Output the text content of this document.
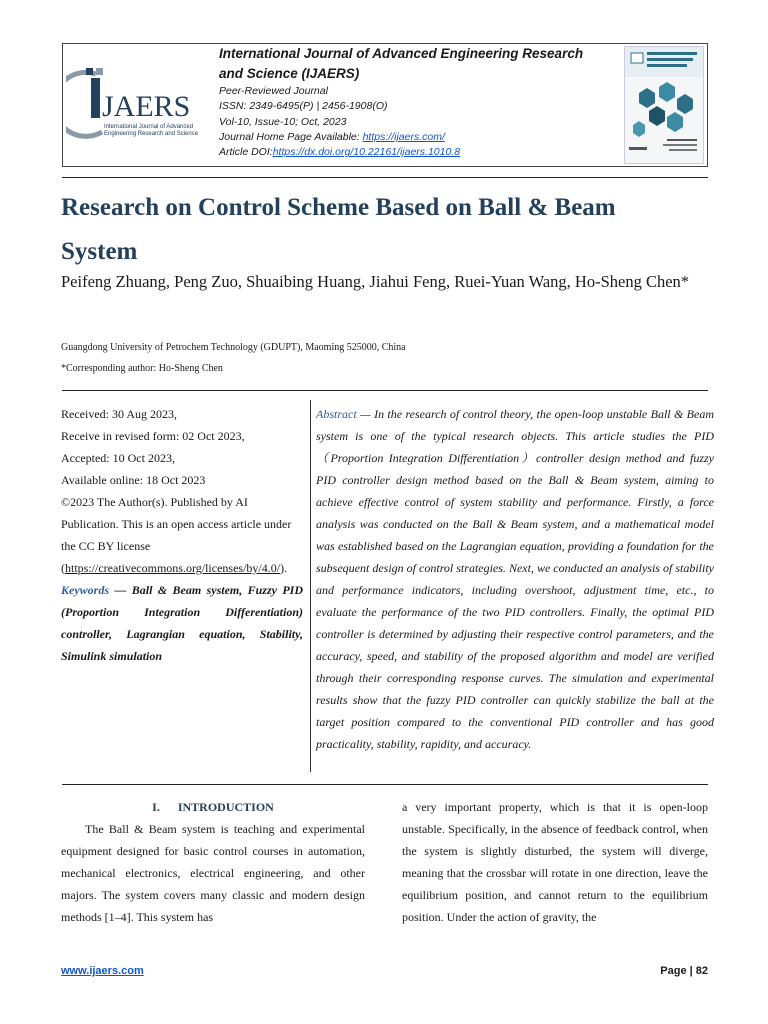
JAERS
International Journal of Advanced
Engineering Research and Science

International Journal of Advanced Engineering Research

and Science (IJAERS)

Peer-Reviewed Journal

ISSN: 2349-6495(P) | 2456-1908(O)

Vol-10, Issue-10; Oct, 2023

Journal Home Page Available: https://ijaers.com/

Article DOI:https://dx.doi.org/10.22161/ijaers.1010.8

Research on Control Scheme Based on Ball & Beam
System

Peifeng Zhuang, Peng Zuo, Shuaibing Huang, Jiahui Feng, Ruei-Yuan Wang, Ho-Sheng Chen*

Guangdong University of Petrochem Technology (GDUPT), Maoming 525000, China

*Corresponding author: Ho-Sheng Chen

Received: 30 Aug 2023,

Receive in revised form: 02 Oct 2023,

Accepted: 10 Oct 2023,

Available online: 18 Oct 2023

©2023 The Author(s). Published by AI Publication. This is an open access article under the CC BY license

(https://creativecommons.org/licenses/by/4.0/).

Keywords — Ball & Beam system, Fuzzy PID (Proportion Integration Differentiation) controller, Lagrangian equation, Stability, Simulink simulation

Abstract — In the research of control theory, the open-loop unstable Ball & Beam system is one of the typical research objects. This article studies the PID（Proportion Integration Differentiation）controller design method and fuzzy PID controller design method based on the Ball & Beam system, aiming to achieve effective control of system stability and performance. Firstly, a force analysis was conducted on the Ball & Beam system, and a mathematical model was established based on the Lagrangian equation, providing a foundation for the subsequent design of control strategies. Next, we conducted an analysis of stability and performance indicators, including overshoot, adjustment time, etc., to evaluate the performance of the two PID controllers. Finally, the optimal PID controller is determined by adjusting their respective control parameters, and the accuracy, speed, and stability of the proposed algorithm and model are verified through their corresponding response curves. The simulation and experimental results show that the fuzzy PID controller can quickly stabilize the ball at the target position compared to the conventional PID controller and has good practicality, stability, rapidity, and accuracy.

I.      INTRODUCTION

The Ball & Beam system is teaching and experimental equipment designed for basic control courses in automation, mechanical electronics, electrical engineering, and other majors. The system covers many classic and modern design methods [1–4]. This system has

a very important property, which is that it is open-loop unstable. Specifically, in the absence of feedback control, when the system is slightly disturbed, the system will diverge, meaning that the crossbar will rotate in one direction, leave the equilibrium position, and cannot return to the equilibrium position. Under the action of gravity, the

www.ijaers.com	Page | 82
